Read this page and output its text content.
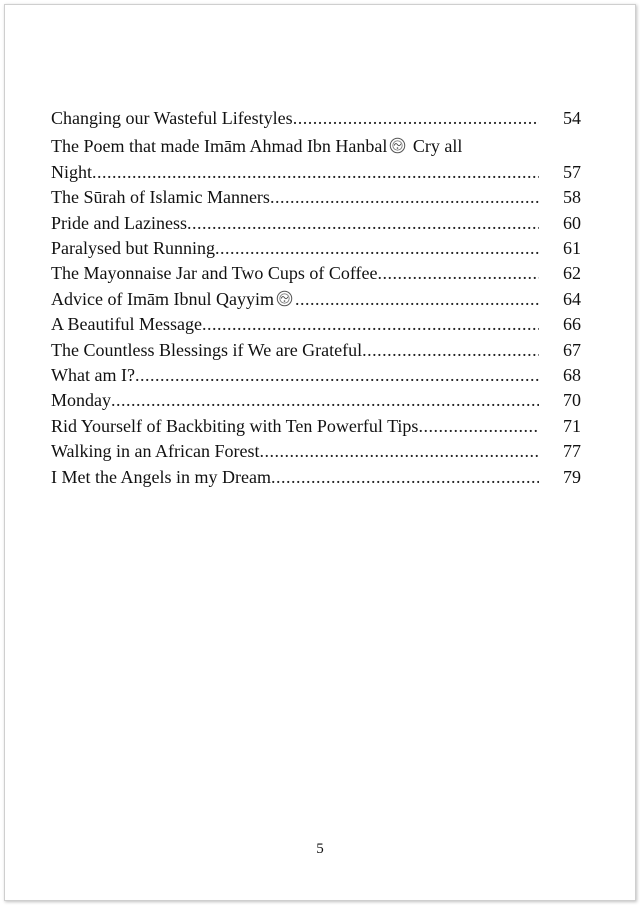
Changing our Wasteful Lifestyles .....	54
The Poem that made Imām Ahmad Ibn Hanbal Cry all
Night .....	57
The Sūrah of Islamic Manners .....	58
Pride and Laziness .....	60
Paralysed but Running .....	61
The Mayonnaise Jar and Two Cups of Coffee .....	62
Advice of Imām Ibnul Qayyim .....	64
A Beautiful Message .....	66
The Countless Blessings if We are Grateful .....	67
What am I? .....	68
Monday .....	70
Rid Yourself of Backbiting with Ten Powerful Tips .....	71
Walking in an African Forest .....	77
I Met the Angels in my Dream .....	79
5
